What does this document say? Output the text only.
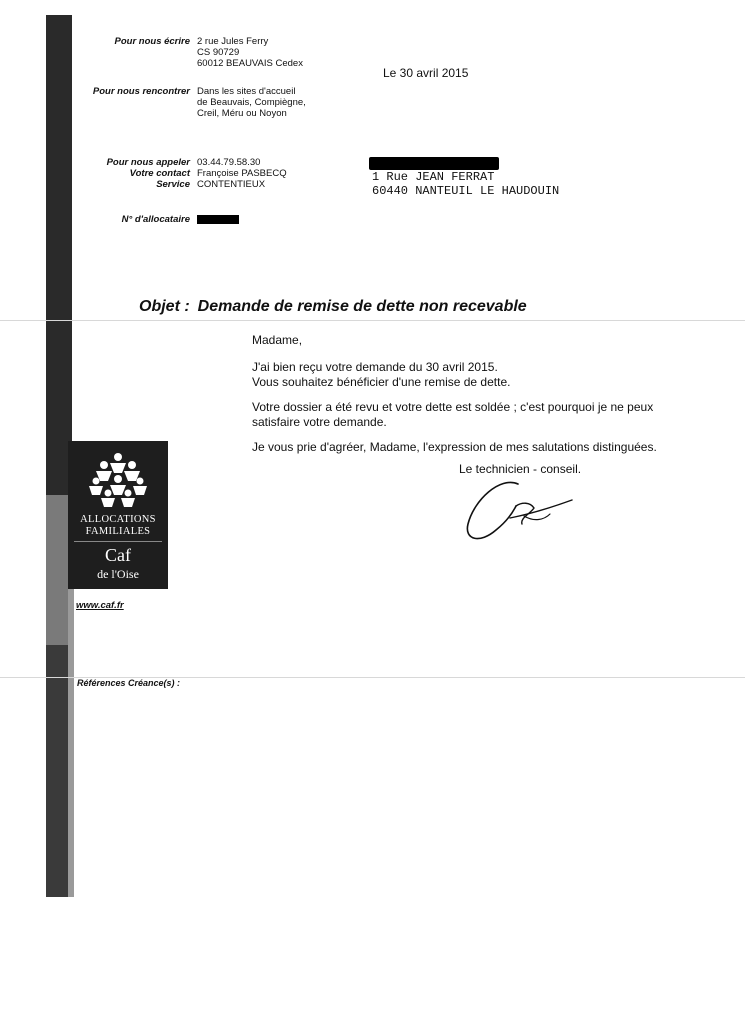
Pour nous écrire 2 rue Jules Ferry
CS 90729
60012 BEAUVAIS Cedex
Pour nous rencontrer Dans les sites d'accueil
de Beauvais, Compiègne,
Creil, Méru ou Noyon
Pour nous appeler 03.44.79.58.30
Votre contact Françoise PASBECQ
Service CONTENTIEUX
N° d'allocataire
Le 30 avril 2015
1 Rue JEAN FERRAT
60440 NANTEUIL LE HAUDOUIN
Objet : Demande de remise de dette non recevable
Madame,
J'ai bien reçu votre demande du 30 avril 2015.
Vous souhaitez bénéficier d'une remise de dette.
Votre dossier a été revu et votre dette est soldée ; c'est pourquoi je ne peux
satisfaire votre demande.
Je vous prie d'agréer, Madame, l'expression de mes salutations distinguées.
Le technicien - conseil.
ALLOCATIONS
FAMILIALES
Caf
de l'Oise
www.caf.fr
Références Créance(s) :
